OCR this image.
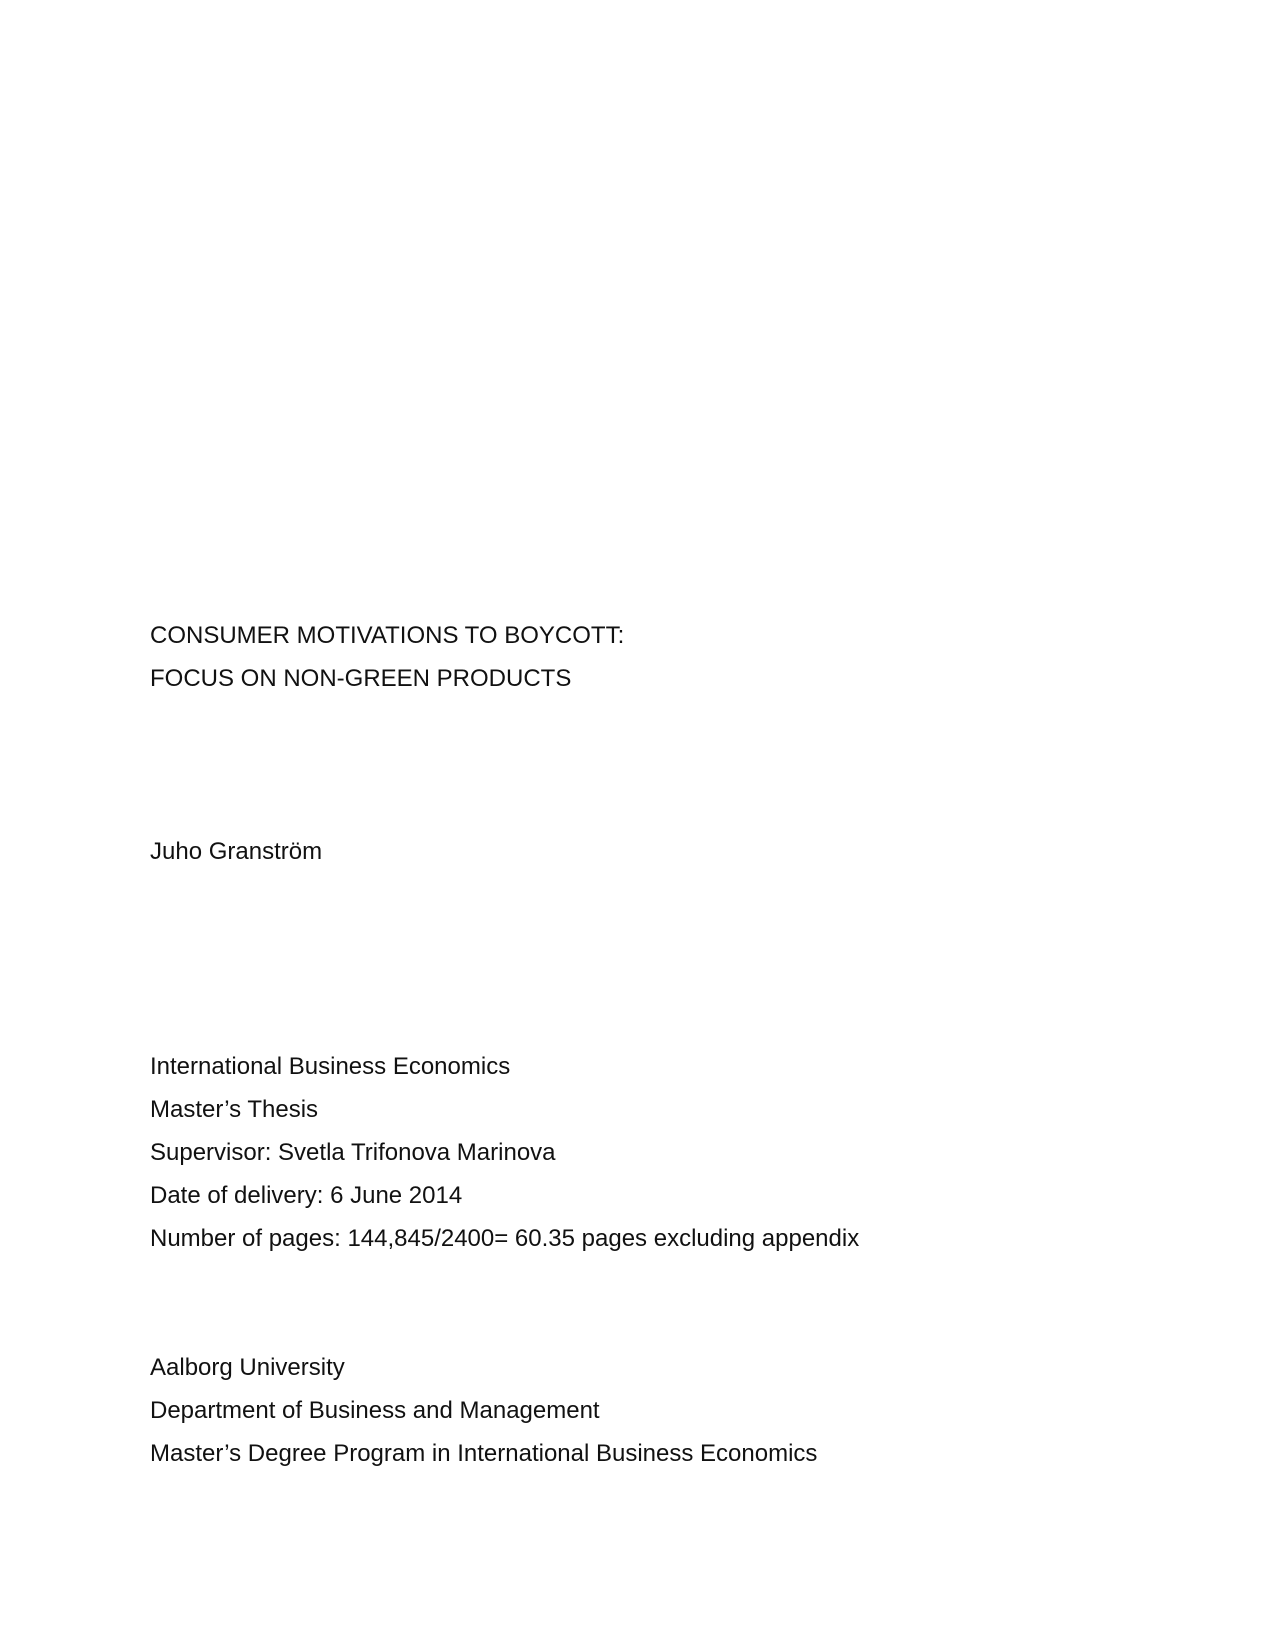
CONSUMER MOTIVATIONS TO BOYCOTT:
FOCUS ON NON-GREEN PRODUCTS
Juho Granström
International Business Economics
Master’s Thesis
Supervisor: Svetla Trifonova Marinova
Date of delivery: 6 June 2014
Number of pages: 144,845/2400= 60.35 pages excluding appendix
Aalborg University
Department of Business and Management
Master’s Degree Program in International Business Economics
